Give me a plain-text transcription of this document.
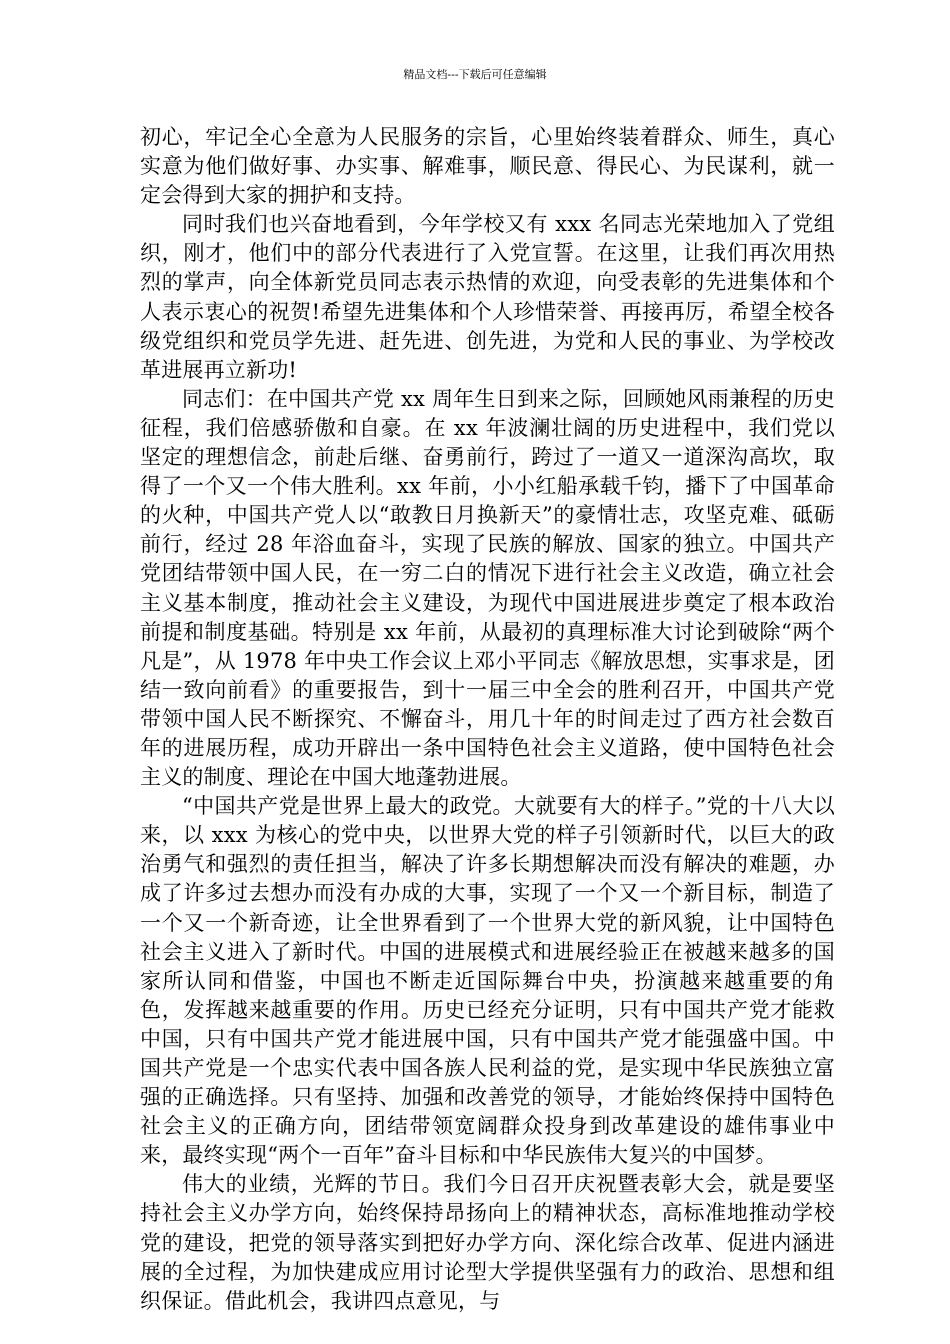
精品文档---下载后可任意编辑

初心，牢记全心全意为人民服务的宗旨，心里始终装着群众、师生，真心实意为他们做好事、办实事、解难事，顺民意、得民心、为民谋利，就一定会得到大家的拥护和支持。

同时我们也兴奋地看到，今年学校又有 xxx 名同志光荣地加入了党组织，刚才，他们中的部分代表进行了入党宣誓。在这里，让我们再次用热烈的掌声，向全体新党员同志表示热情的欢迎，向受表彰的先进集体和个人表示衷心的祝贺!希望先进集体和个人珍惜荣誉、再接再厉，希望全校各级党组织和党员学先进、赶先进、创先进，为党和人民的事业、为学校改革进展再立新功!

同志们：在中国共产党 xx 周年生日到来之际，回顾她风雨兼程的历史征程，我们倍感骄傲和自豪。在 xx 年波澜壮阔的历史进程中，我们党以坚定的理想信念，前赴后继、奋勇前行，跨过了一道又一道深沟高坎，取得了一个又一个伟大胜利。xx 年前，小小红船承载千钧，播下了中国革命的火种，中国共产党人以“敢教日月换新天”的豪情壮志，攻坚克难、砥砺前行，经过 28 年浴血奋斗，实现了民族的解放、国家的独立。中国共产党团结带领中国人民，在一穷二白的情况下进行社会主义改造，确立社会主义基本制度，推动社会主义建设，为现代中国进展进步奠定了根本政治前提和制度基础。特别是 xx 年前，从最初的真理标准大讨论到破除“两个凡是”，从 1978 年中央工作会议上邓小平同志《解放思想，实事求是，团结一致向前看》的重要报告，到十一届三中全会的胜利召开，中国共产党带领中国人民不断探究、不懈奋斗，用几十年的时间走过了西方社会数百年的进展历程，成功开辟出一条中国特色社会主义道路，使中国特色社会主义的制度、理论在中国大地蓬勃进展。

“中国共产党是世界上最大的政党。大就要有大的样子。”党的十八大以来，以 xxx 为核心的党中央，以世界大党的样子引领新时代，以巨大的政治勇气和强烈的责任担当，解决了许多长期想解决而没有解决的难题，办成了许多过去想办而没有办成的大事，实现了一个又一个新目标，制造了一个又一个新奇迹，让全世界看到了一个世界大党的新风貌，让中国特色社会主义进入了新时代。中国的进展模式和进展经验正在被越来越多的国家所认同和借鉴，中国也不断走近国际舞台中央，扮演越来越重要的角色，发挥越来越重要的作用。历史已经充分证明，只有中国共产党才能救中国，只有中国共产党才能进展中国，只有中国共产党才能强盛中国。中国共产党是一个忠实代表中国各族人民利益的党，是实现中华民族独立富强的正确选择。只有坚持、加强和改善党的领导，才能始终保持中国特色社会主义的正确方向，团结带领宽阔群众投身到改革建设的雄伟事业中来，最终实现“两个一百年”奋斗目标和中华民族伟大复兴的中国梦。

伟大的业绩，光辉的节日。我们今日召开庆祝暨表彰大会，就是要坚持社会主义办学方向，始终保持昂扬向上的精神状态，高标准地推动学校党的建设，把党的领导落实到把好办学方向、深化综合改革、促进内涵进展的全过程，为加快建成应用讨论型大学提供坚强有力的政治、思想和组织保证。借此机会，我讲四点意见，与
